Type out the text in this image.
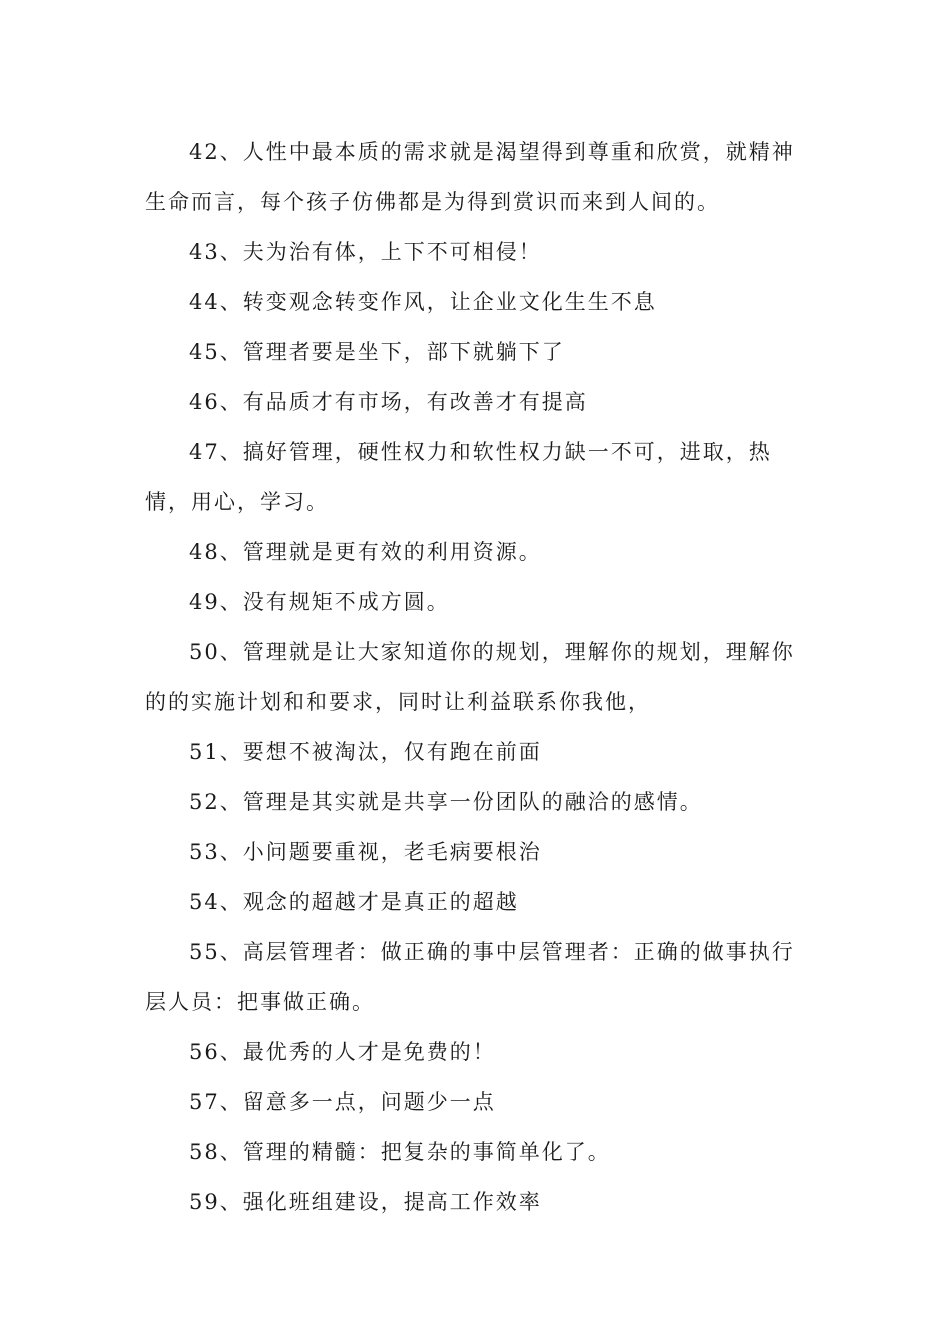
42、人性中最本质的需求就是渴望得到尊重和欣赏，就精神生命而言，每个孩子仿佛都是为得到赏识而来到人间的。

43、夫为治有体，上下不可相侵！

44、转变观念转变作风，让企业文化生生不息

45、管理者要是坐下，部下就躺下了

46、有品质才有市场，有改善才有提高

47、搞好管理，硬性权力和软性权力缺一不可，进取，热情，用心，学习。

48、管理就是更有效的利用资源。

49、没有规矩不成方圆。

50、管理就是让大家知道你的规划，理解你的规划，理解你的的实施计划和和要求，同时让利益联系你我他，

51、要想不被淘汰，仅有跑在前面

52、管理是其实就是共享一份团队的融洽的感情。

53、小问题要重视，老毛病要根治

54、观念的超越才是真正的超越

55、高层管理者：做正确的事中层管理者：正确的做事执行层人员：把事做正确。

56、最优秀的人才是免费的！

57、留意多一点，问题少一点

58、管理的精髓：把复杂的事简单化了。

59、强化班组建设，提高工作效率
